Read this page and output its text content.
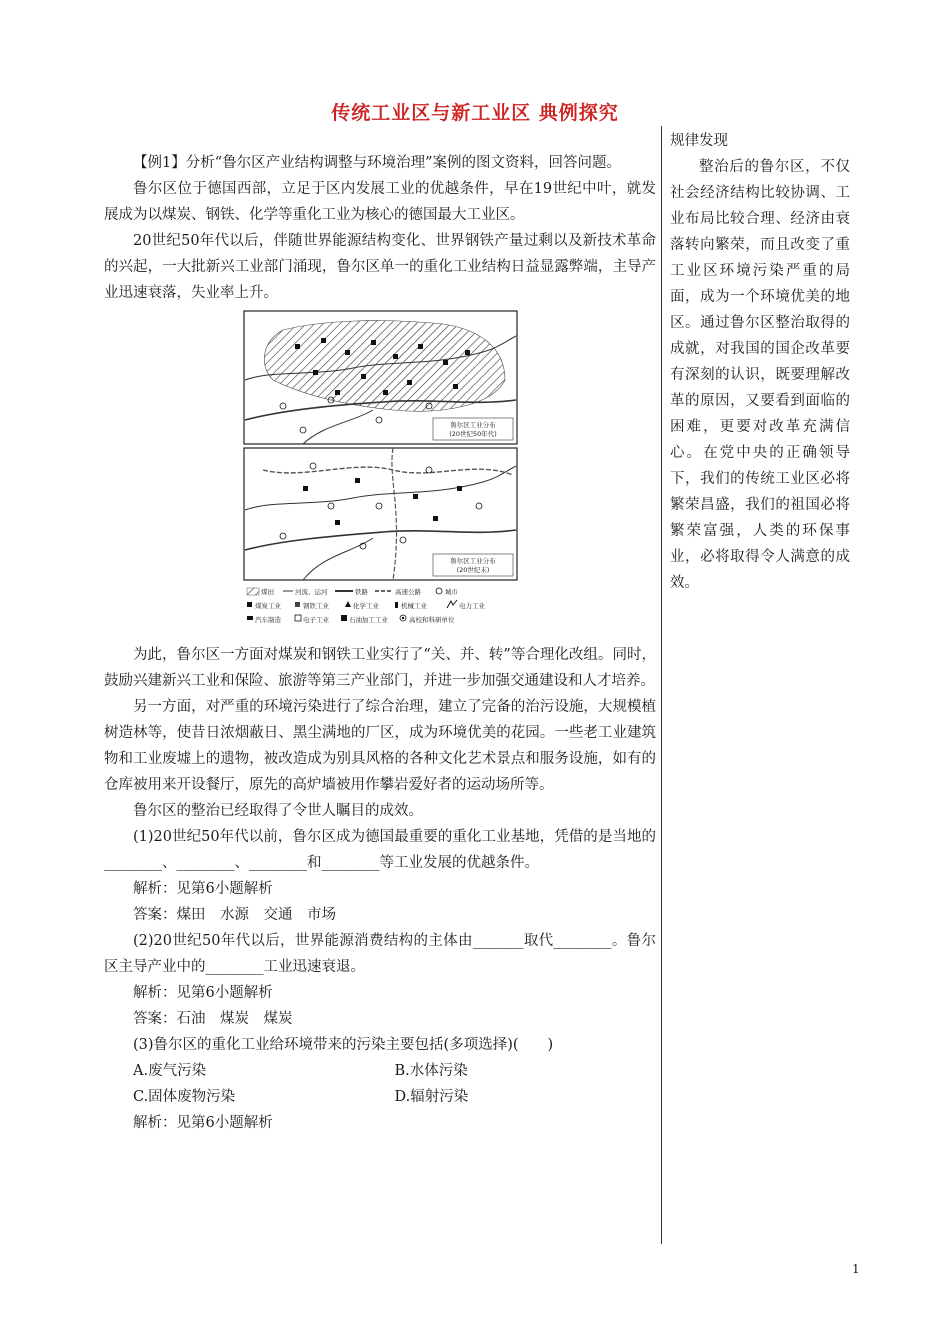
传统工业区与新工业区 典例探究

【例1】分析“鲁尔区产业结构调整与环境治理”案例的图文资料，回答问题。

鲁尔区位于德国西部，立足于区内发展工业的优越条件，早在19世纪中叶，就发展成为以煤炭、钢铁、化学等重化工业为核心的德国最大工业区。

20世纪50年代以后，伴随世界能源结构变化、世界钢铁产量过剩以及新技术革命的兴起，一大批新兴工业部门涌现，鲁尔区单一的重化工业结构日益显露弊端，主导产业迅速衰落，失业率上升。

鲁尔区工业分布
(20世纪50年代)
鲁尔区工业分布
(20世纪末)
煤田	河流、运河	铁路	高速公路	城市
煤炭工业	钢铁工业	化学工业	机械工业	电力工业
汽车制造	电子工业	石油加工工业	高校和科研单位

为此，鲁尔区一方面对煤炭和钢铁工业实行了“关、并、转”等合理化改组。同时，鼓励兴建新兴工业和保险、旅游等第三产业部门，并进一步加强交通建设和人才培养。

另一方面，对严重的环境污染进行了综合治理，建立了完备的治污设施，大规模植树造林等，使昔日浓烟蔽日、黑尘满地的厂区，成为环境优美的花园。一些老工业建筑物和工业废墟上的遗物，被改造成为别具风格的各种文化艺术景点和服务设施，如有的仓库被用来开设餐厅，原先的高炉墙被用作攀岩爱好者的运动场所等。

鲁尔区的整治已经取得了令世人瞩目的成效。

(1)20世纪50年代以前，鲁尔区成为德国最重要的重化工业基地，凭借的是当地的________、________、________和________等工业发展的优越条件。

解析：见第6小题解析

答案：煤田　水源　交通　市场

(2)20世纪50年代以后，世界能源消费结构的主体由_______取代________。鲁尔区主导产业中的________工业迅速衰退。

解析：见第6小题解析

答案：石油　煤炭　煤炭

(3)鲁尔区的重化工业给环境带来的污染主要包括(多项选择)(　　)

A.废气污染	B.水体污染
C.固体废物污染	D.辐射污染

解析：见第6小题解析

规律发现

整治后的鲁尔区，不仅社会经济结构比较协调、工业布局比较合理、经济由衰落转向繁荣，而且改变了重工业区环境污染严重的局面，成为一个环境优美的地区。通过鲁尔区整治取得的成就，对我国的国企改革要有深刻的认识，既要理解改革的原因，又要看到面临的困难，更要对改革充满信心。在党中央的正确领导下，我们的传统工业区必将繁荣昌盛，我们的祖国必将繁荣富强，人类的环保事业，必将取得令人满意的成效。

1
